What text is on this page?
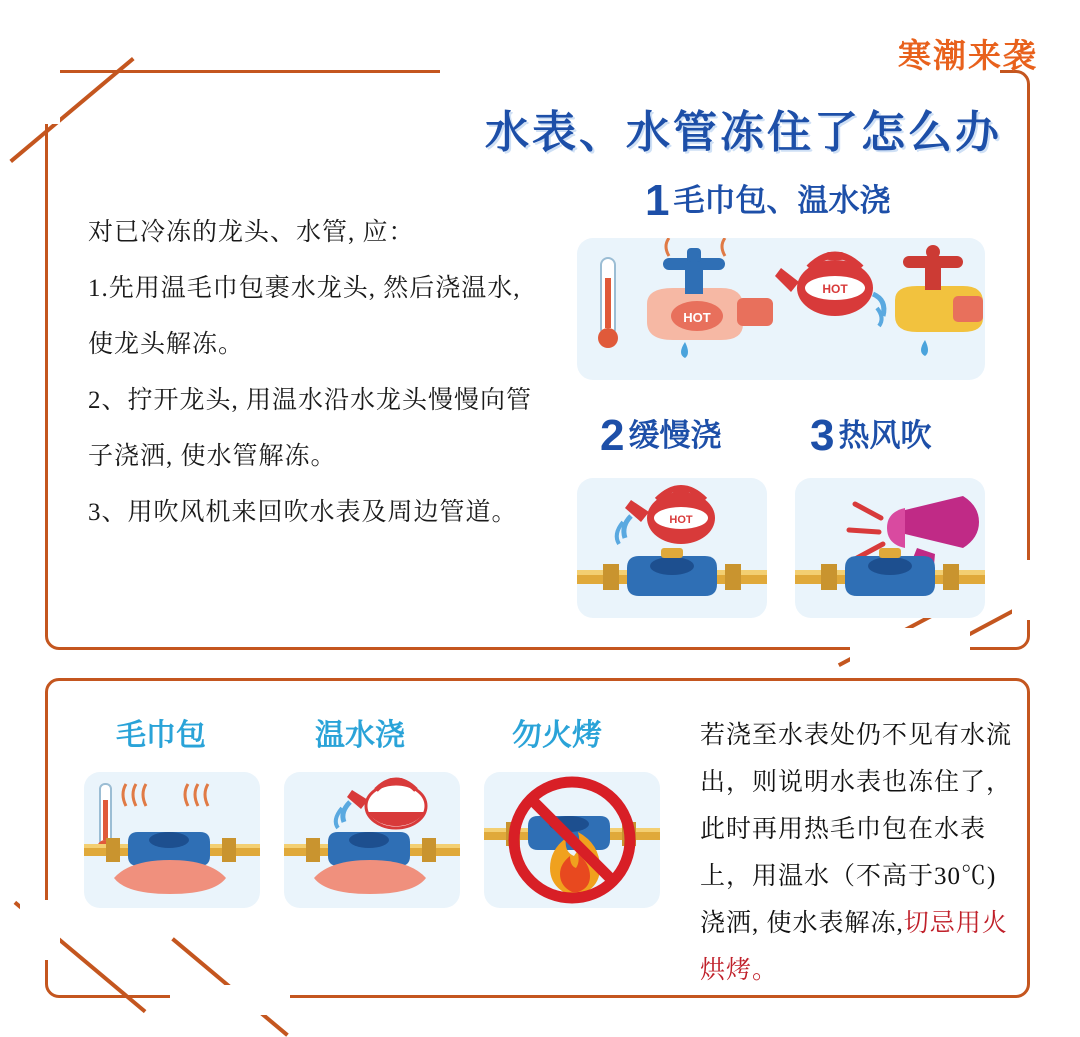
寒潮来袭
水表、水管冻住了怎么办

对已冷冻的龙头、水管, 应：

1.先用温毛巾包裹水龙头, 然后浇温水,

使龙头解冻。

2、拧开龙头, 用温水沿水龙头慢慢向管

子浇洒, 使水管解冻。

3、用吹风机来回吹水表及周边管道。

1 毛巾包、温水浇
HOT
HOT
2 缓慢浇
HOT
3 热风吹
毛巾包	温水浇	勿火烤	若浇至水表处仍不见有水流出，则说明水表也冻住了，此时再用热毛巾包在水表上，用温水（不高于30℃)浇洒, 使水表解冻,切忌用火烘烤。
